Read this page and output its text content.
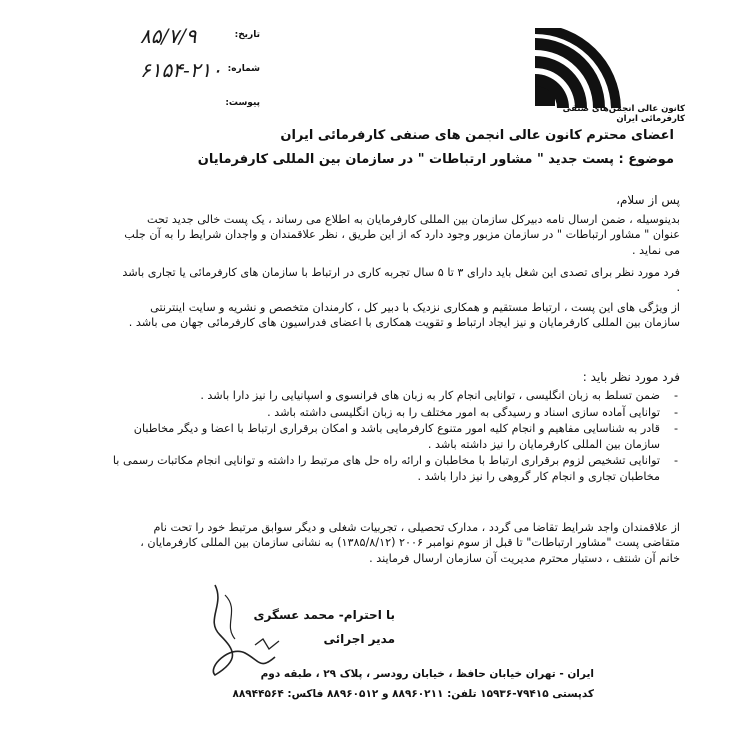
۸۵/۷/۹	:تاریخ
۶۱۵۴-۲۱۰ :شماره
:پیوست
کانون عالی انجمن‌های صنفی کارفرمائی ایران
اعضای محترم کانون عالی انجمن های صنفی کارفرمائی ایران
موضوع : پست جدید " مشاور ارتباطات " در سازمان بین المللی کارفرمایان
پس از سلام،
بدینوسیله ، ضمن ارسال نامه دبیرکل سازمان بین المللی کارفرمایان به اطلاع می رساند ، یک پست خالی جدید تحت عنوان " مشاور ارتباطات " در سازمان مزبور وجود دارد که از این طریق ، نظر علاقمندان و واجدان شرایط را به آن جلب می نماید .
فرد مورد نظر برای تصدی این شغل باید دارای ۳ تا ۵ سال تجربه کاری در ارتباط با سازمان های کارفرمائی یا تجاری باشد .
از ویژگی های این پست ، ارتباط مستقیم و همکاری نزدیک با دبیر کل ، کارمندان متخصص و نشریه و سایت اینترنتی سازمان بین المللی کارفرمایان و نیز ایجاد ارتباط و تقویت همکاری با اعضای فدراسیون های کارفرمائی جهان می باشد .
فرد مورد نظر باید :
-
ضمن تسلط به زبان انگلیسی ، توانایی انجام کار به زبان های فرانسوی و اسپانیایی را نیز دارا باشد .
-
توانایی آماده سازی اسناد و رسیدگی به امور مختلف را به زبان انگلیسی داشته باشد .
-
قادر به شناسایی مفاهیم و انجام کلیه امور متنوع کارفرمایی باشد و امکان برقراری ارتباط با اعضا و دیگر مخاطبان سازمان بین المللی کارفرمایان را نیز داشته باشد .
-
توانایی تشخیص لزوم برقراری ارتباط با مخاطبان و ارائه راه حل های مرتبط را داشته و توانایی انجام مکاتبات رسمی با مخاطبان تجاری و انجام کار گروهی را نیز دارا باشد .
از علاقمندان واجد شرایط تقاضا می گردد ، مدارک تحصیلی ، تجربیات شغلی و دیگر سوابق مرتبط خود را تحت نام متقاضی پست "مشاور ارتباطات" تا قبل از سوم نوامبر ۲۰۰۶ (۱۳۸۵/۸/۱۲) به نشانی سازمان بین المللی کارفرمایان ، خانم آن شنتف ، دستیار محترم مدیریت آن سازمان ارسال فرمایند .
با احترام- محمد عسگری
مدیر اجرائی
ایران - تهران خیابان حافظ ، خیابان رودسر ، پلاک ۲۹ ، طبقه دوم
کدپستی ۷۹۴۱۵-۱۵۹۳۶ تلفن: ۸۸۹۶۰۲۱۱ و ۸۸۹۶۰۵۱۲ فاکس: ۸۸۹۴۴۵۶۴
